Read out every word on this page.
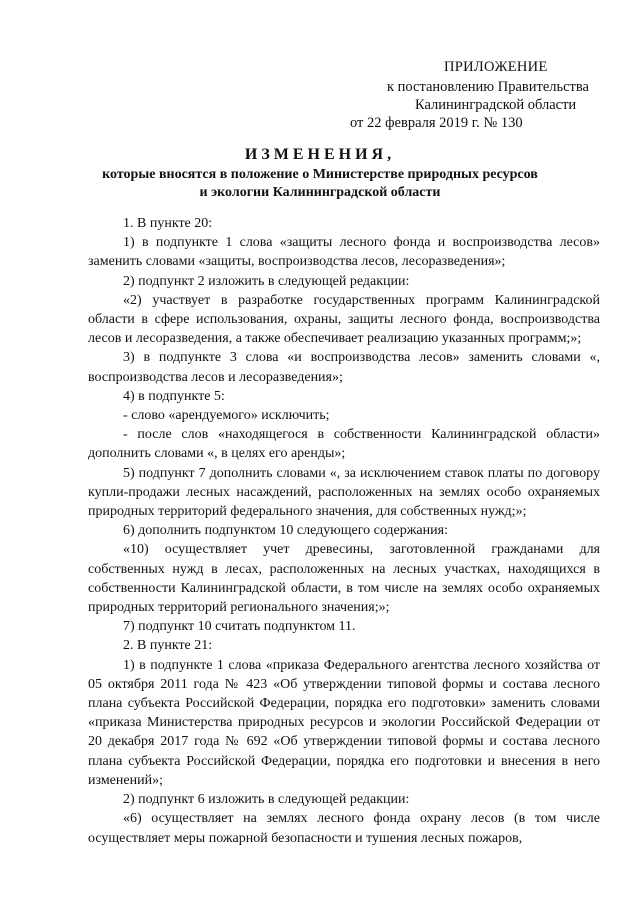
ПРИЛОЖЕНИЕ
к постановлению Правительства
Калининградской области
от 22 февраля 2019 г. № 130
ИЗМЕНЕНИЯ,
которые вносятся в положение о Министерстве природных ресурсов
и экологии Калининградской области

1. В пункте 20:

1) в подпункте 1 слова «защиты лесного фонда и воспроизводства лесов» заменить словами «защиты, воспроизводства лесов, лесоразведения»;

2) подпункт 2 изложить в следующей редакции:

«2) участвует в разработке государственных программ Калининградской области в сфере использования, охраны, защиты лесного фонда, воспроизводства лесов и лесоразведения, а также обеспечивает реализацию указанных программ;»;

3) в подпункте 3 слова «и воспроизводства лесов» заменить словами «, воспроизводства лесов и лесоразведения»;

4) в подпункте 5:

- слово «арендуемого» исключить;

- после слов «находящегося в собственности Калининградской области» дополнить словами «, в целях его аренды»;

5) подпункт 7 дополнить словами «, за исключением ставок платы по договору купли-продажи лесных насаждений, расположенных на землях особо охраняемых природных территорий федерального значения, для собственных нужд;»;

6) дополнить подпунктом 10 следующего содержания:

«10) осуществляет учет древесины, заготовленной гражданами для собственных нужд в лесах, расположенных на лесных участках, находящихся в собственности Калининградской области, в том числе на землях особо охраняемых природных территорий регионального значения;»;

7) подпункт 10 считать подпунктом 11.

2. В пункте 21:

1) в подпункте 1 слова «приказа Федерального агентства лесного хозяйства от 05 октября 2011 года № 423 «Об утверждении типовой формы и состава лесного плана субъекта Российской Федерации, порядка его подготовки» заменить словами «приказа Министерства природных ресурсов и экологии Российской Федерации от 20 декабря 2017 года № 692 «Об утверждении типовой формы и состава лесного плана субъекта Российской Федерации, порядка его подготовки и внесения в него изменений»;

2) подпункт 6 изложить в следующей редакции:

«6) осуществляет на землях лесного фонда охрану лесов (в том числе осуществляет меры пожарной безопасности и тушения лесных пожаров,
